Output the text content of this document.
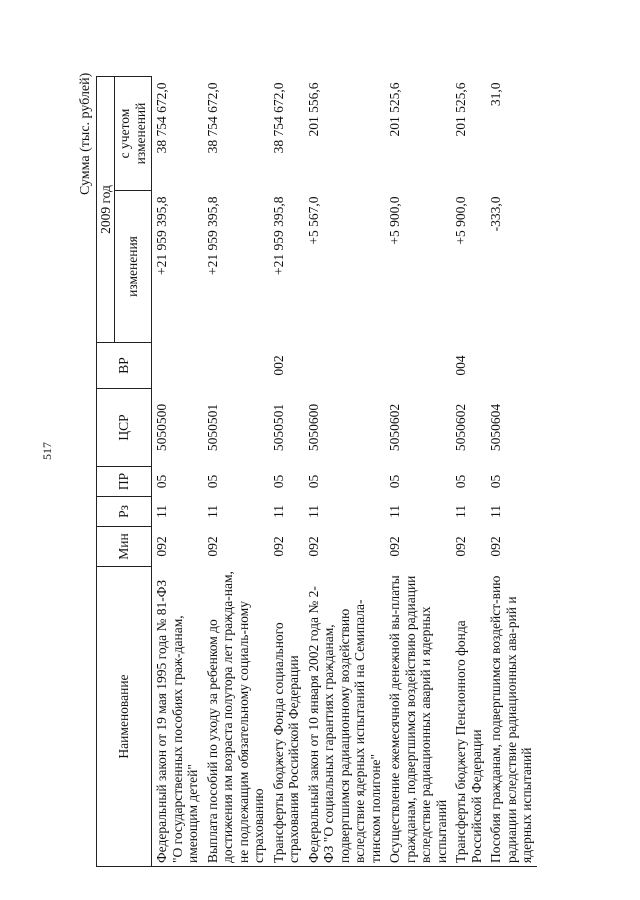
517
Сумма (тыс. рублей)
Наименование	Мин	Рз	ПР	ЦСР	ВР	2009 год	
						изменения	с учетом изменений
Федеральный закон от 19 мая 1995 года № 81-ФЗ "О государственных пособиях граж-данам, имеющим детей"	092	11	05	5050500		+21 959 395,8	38 754 672,0
Выплата пособий по уходу за ребенком до достижения им возраста полутора лет гражда-нам, не подлежащим обязательному социаль-ному страхованию	092	11	05	5050501		+21 959 395,8	38 754 672,0
Трансферты бюджету Фонда социального страхования Российской Федерации	092	11	05	5050501	002	+21 959 395,8	38 754 672,0
Федеральный закон от 10 января 2002 года № 2-ФЗ "О социальных гарантиях гражданам, подвергшимся радиационному воздействию вследствие ядерных испытаний на Семипала-тинском полигоне"	092	11	05	5050600		+5 567,0	201 556,6
Осуществление ежемесячной денежной вы-платы гражданам, подвергшимся воздействию радиации вследствие радиационных аварий и ядерных испытаний	092	11	05	5050602		+5 900,0	201 525,6
Трансферты бюджету Пенсионного фонда Российской Федерации	092	11	05	5050602	004	+5 900,0	201 525,6
Пособия гражданам, подвергшимся воздейст-вию радиации вследствие радиационных ава-рий и ядерных испытаний	092	11	05	5050604		-333,0	31,0
